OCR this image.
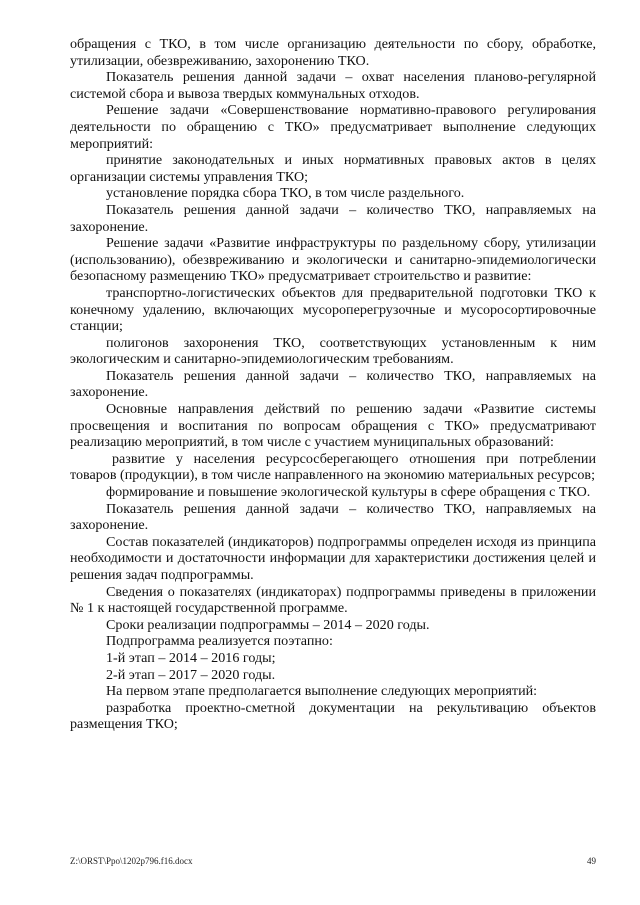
обращения с ТКО, в том числе организацию деятельности по сбору, обработке, утилизации, обезвреживанию, захоронению ТКО.

Показатель решения данной задачи – охват населения планово-регулярной системой сбора и вывоза твердых коммунальных отходов.

Решение задачи «Совершенствование нормативно-правового регулирования деятельности по обращению с ТКО» предусматривает выполнение следующих мероприятий:

принятие законодательных и иных нормативных правовых актов в целях организации системы управления ТКО;

установление порядка сбора ТКО, в том числе раздельного.

Показатель решения данной задачи – количество ТКО, направляемых на захоронение.

Решение задачи «Развитие инфраструктуры по раздельному сбору, утилизации (использованию), обезвреживанию и экологически и санитарно-эпидемиологически безопасному размещению ТКО» предусматривает строительство и развитие:

транспортно-логистических объектов для предварительной подготовки ТКО к конечному удалению, включающих мусороперегрузочные и мусоросортировочные станции;

полигонов захоронения ТКО, соответствующих установленным к ним экологическим и санитарно-эпидемиологическим требованиям.

Показатель решения данной задачи – количество ТКО, направляемых на захоронение.

Основные направления действий по решению задачи «Развитие системы просвещения и воспитания по вопросам обращения с ТКО» предусматривают реализацию мероприятий, в том числе с участием муниципальных образований:

развитие у населения ресурсосберегающего отношения при потреблении товаров (продукции), в том числе направленного на экономию материальных ресурсов;

формирование и повышение экологической культуры в сфере обращения с ТКО.

Показатель решения данной задачи – количество ТКО, направляемых на захоронение.

Состав показателей (индикаторов) подпрограммы определен исходя из принципа необходимости и достаточности информации для характеристики достижения целей и решения задач подпрограммы.

Сведения о показателях (индикаторах) подпрограммы приведены в приложении № 1 к настоящей государственной программе.

Сроки реализации подпрограммы – 2014 – 2020 годы.

Подпрограмма реализуется поэтапно:

1-й этап – 2014 – 2016 годы;

2-й этап – 2017 – 2020 годы.

На первом этапе предполагается выполнение следующих мероприятий:

разработка проектно-сметной документации на рекультивацию объектов размещения ТКО;

Z:\ORST\Ppo\1202p796.f16.docx	49
